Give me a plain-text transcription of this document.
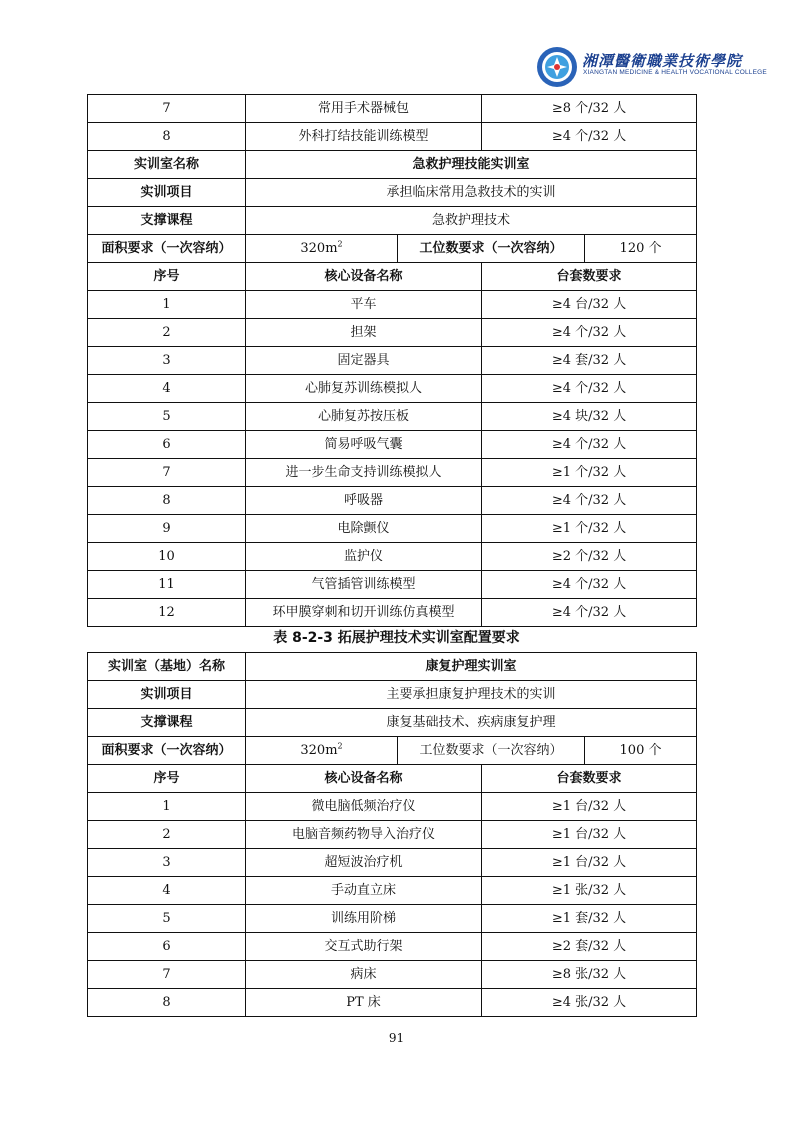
湘潭醫衛職業技術學院
XIANGTAN MEDICINE & HEALTH VOCATIONAL COLLEGE
7	常用手术器械包		≥8 个/32 人	
8	外科打结技能训练模型		≥4 个/32 人	
实训室名称	急救护理技能实训室			
实训项目	承担临床常用急救技术的实训			
支撑课程	急救护理技术			
面积要求（一次容纳）	$320m^2$	工位数要求（一次容纳）		120 个
序号	核心设备名称		台套数要求	
1	平车		≥4 台/32 人	
2	担架		≥4 个/32 人	
3	固定器具		≥4 套/32 人	
4	心肺复苏训练模拟人		≥4 个/32 人	
5	心肺复苏按压板		≥4 块/32 人	
6	简易呼吸气囊		≥4 个/32 人	
7	进一步生命支持训练模拟人		≥1 个/32 人	
8	呼吸器		≥4 个/32 人	
9	电除颤仪		≥1 个/32 人	
10	监护仪		≥2 个/32 人	
11	气管插管训练模型		≥4 个/32 人	
12	环甲膜穿刺和切开训练仿真模型		≥4 个/32 人	
表 8-2-3 拓展护理技术实训室配置要求
实训室（基地）名称	康复护理实训室			
实训项目	主要承担康复护理技术的实训			
支撑课程	康复基础技术、疾病康复护理			
面积要求（一次容纳）	$320m^2$	工位数要求（一次容纳）		100 个
序号	核心设备名称		台套数要求	
1	微电脑低频治疗仪		≥1 台/32 人	
2	电脑音频药物导入治疗仪		≥1 台/32 人	
3	超短波治疗机		≥1 台/32 人	
4	手动直立床		≥1 张/32 人	
5	训练用阶梯		≥1 套/32 人	
6	交互式助行架		≥2 套/32 人	
7	病床		≥8 张/32 人	
8	PT 床		≥4 张/32 人	
91
